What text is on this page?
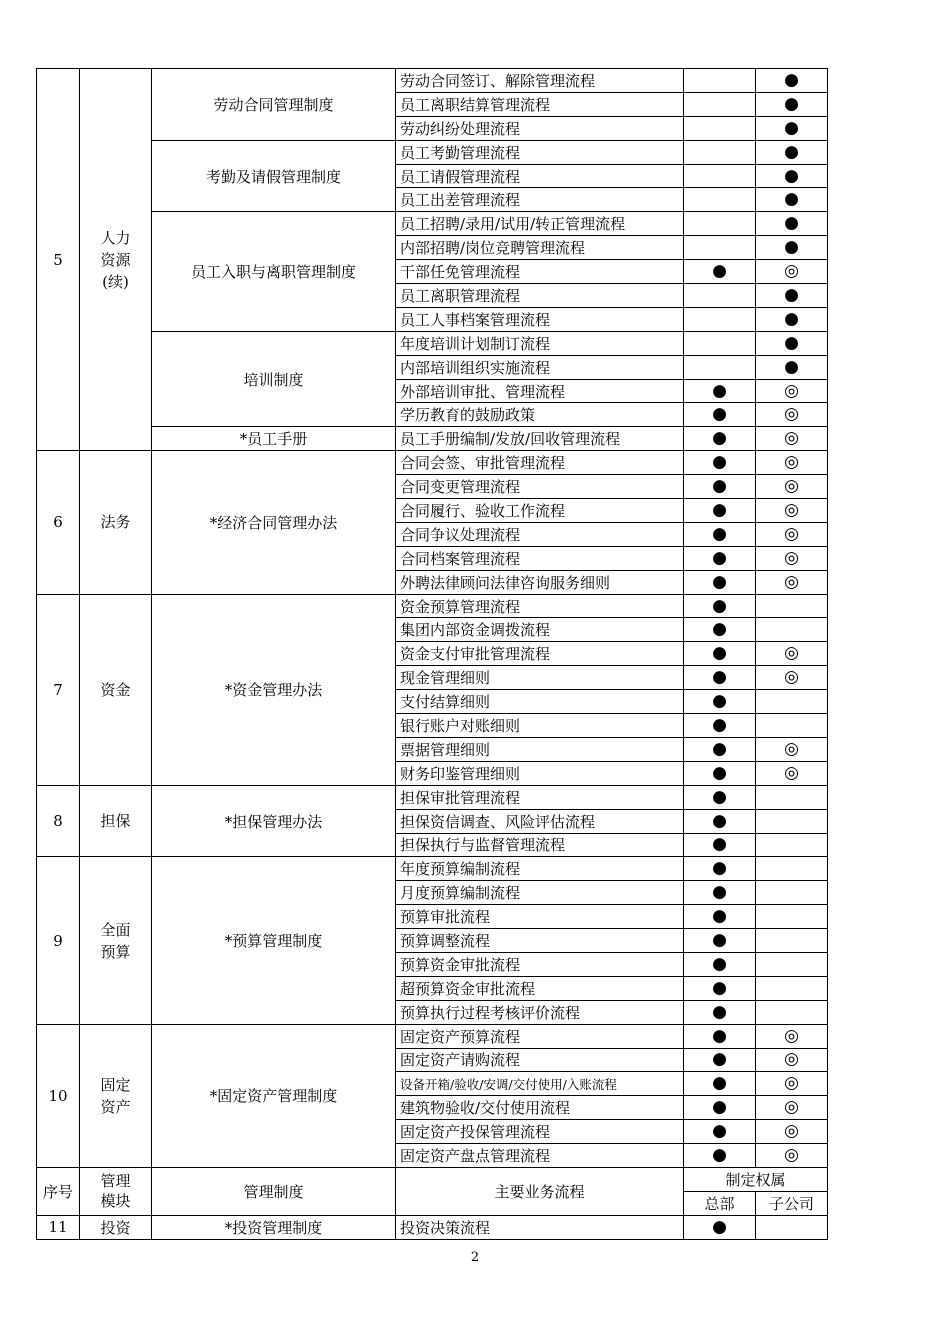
5	人力
资源
(续)	劳动合同管理制度	劳动合同签订、解除管理流程		●
			员工离职结算管理流程		●
			劳动纠纷处理流程		●
		考勤及请假管理制度	员工考勤管理流程		●
			员工请假管理流程		●
			员工出差管理流程		●
		员工入职与离职管理制度	员工招聘/录用/试用/转正管理流程		●
			内部招聘/岗位竞聘管理流程		●
			干部任免管理流程	●	◎
			员工离职管理流程		●
			员工人事档案管理流程		●
		培训制度	年度培训计划制订流程		●
			内部培训组织实施流程		●
			外部培训审批、管理流程	●	◎
			学历教育的鼓励政策	●	◎
		*员工手册	员工手册编制/发放/回收管理流程	●	◎
6	法务	*经济合同管理办法	合同会签、审批管理流程	●	◎
			合同变更管理流程	●	◎
			合同履行、验收工作流程	●	◎
			合同争议处理流程	●	◎
			合同档案管理流程	●	◎
			外聘法律顾问法律咨询服务细则	●	◎
7	资金	*资金管理办法	资金预算管理流程	●	
			集团内部资金调拨流程	●	
			资金支付审批管理流程	●	◎
			现金管理细则	●	◎
			支付结算细则	●	
			银行账户对账细则	●	
			票据管理细则	●	◎
			财务印鉴管理细则	●	◎
8	担保	*担保管理办法	担保审批管理流程	●	
			担保资信调查、风险评估流程	●	
			担保执行与监督管理流程	●	
9	全面
预算	*预算管理制度	年度预算编制流程	●	
			月度预算编制流程	●	
			预算审批流程	●	
			预算调整流程	●	
			预算资金审批流程	●	
			超预算资金审批流程	●	
			预算执行过程考核评价流程	●	
10	固定
资产	*固定资产管理制度	固定资产预算流程	●	◎
			固定资产请购流程	●	◎
			设备开箱/验收/安调/交付使用/入账流程	●	◎
			建筑物验收/交付使用流程	●	◎
			固定资产投保管理流程	●	◎
			固定资产盘点管理流程	●	◎
序号	管理
模块	管理制度	主要业务流程	制定权属	
				总部	子公司
11	投资	*投资管理制度	投资决策流程	●	
2
